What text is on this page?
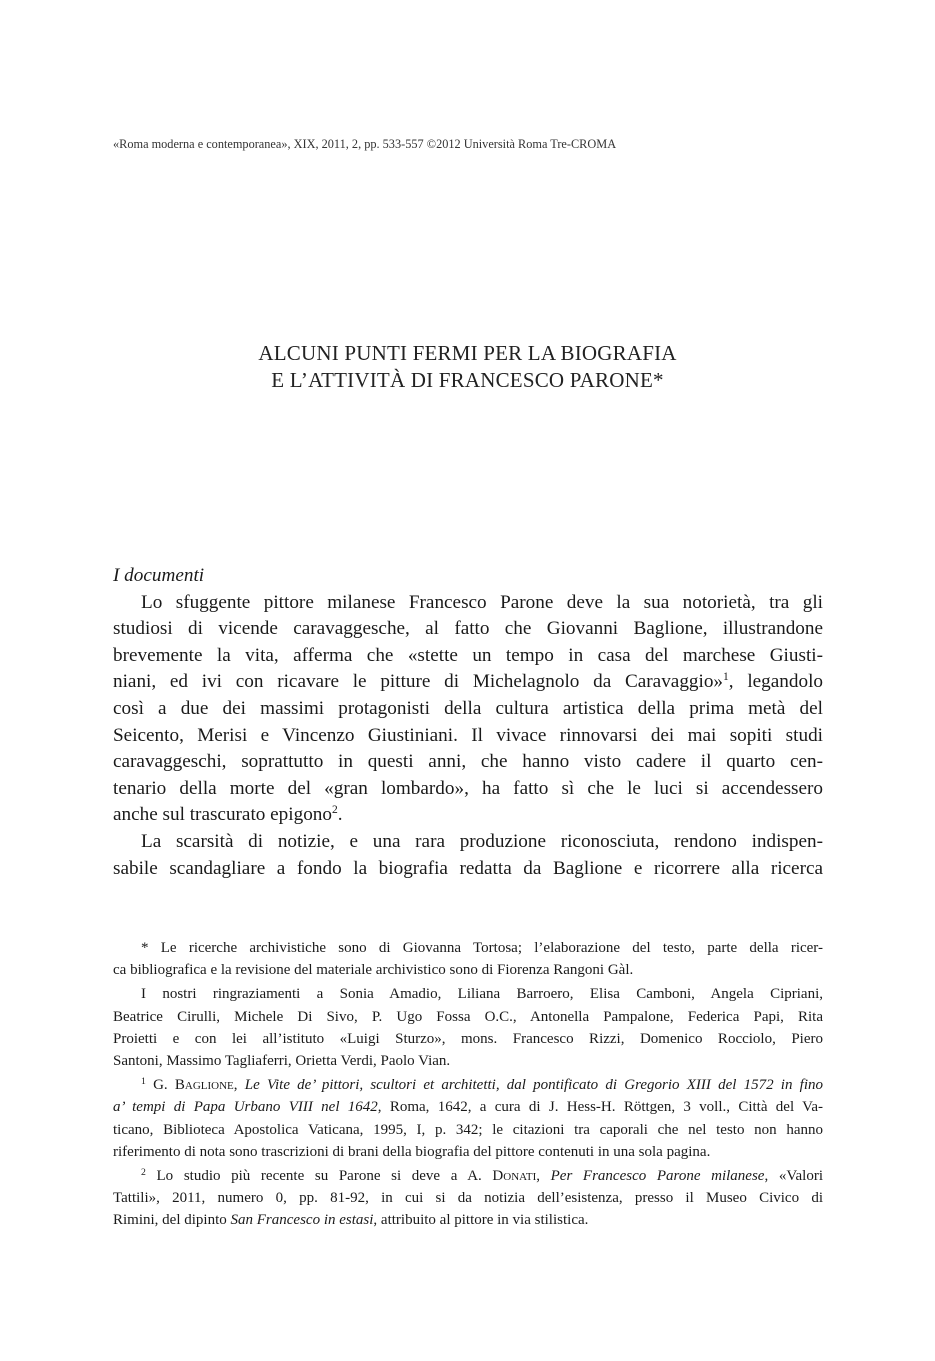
«Roma moderna e contemporanea», XIX, 2011, 2, pp. 533-557 ©2012 Università Roma Tre-CROMA
ALCUNI PUNTI FERMI PER LA BIOGRAFIA
E L’ATTIVITÀ DI FRANCESCO PARONE*
I documenti
Lo sfuggente pittore milanese Francesco Parone deve la sua notorietà, tra gli
studiosi di vicende caravaggesche, al fatto che Giovanni Baglione, illustrandone
brevemente la vita, afferma che «stette un tempo in casa del marchese Giusti-
niani, ed ivi con ricavare le pitture di Michelagnolo da Caravaggio»$^1$, legandolo
così a due dei massimi protagonisti della cultura artistica della prima metà del
Seicento, Merisi e Vincenzo Giustiniani. Il vivace rinnovarsi dei mai sopiti studi
caravaggeschi, soprattutto in questi anni, che hanno visto cadere il quarto cen-
tenario della morte del «gran lombardo», ha fatto sì che le luci si accendessero
anche sul trascurato epigono$^2$.
La scarsità di notizie, e una rara produzione riconosciuta, rendono indispen-
sabile scandagliare a fondo la biografia redatta da Baglione e ricorrere alla ricerca
* Le ricerche archivistiche sono di Giovanna Tortosa; l’elaborazione del testo, parte della ricer-
ca bibliografica e la revisione del materiale archivistico sono di Fiorenza Rangoni Gàl.
I nostri ringraziamenti a Sonia Amadio, Liliana Barroero, Elisa Camboni, Angela Cipriani,
Beatrice Cirulli, Michele Di Sivo, P. Ugo Fossa O.C., Antonella Pampalone, Federica Papi, Rita
Proietti e con lei all’istituto «Luigi Sturzo», mons. Francesco Rizzi, Domenico Rocciolo, Piero
Santoni, Massimo Tagliaferri, Orietta Verdi, Paolo Vian.
$^1$ G. Baglione, Le Vite de’ pittori, scultori et architetti, dal pontificato di Gregorio XIII del 1572 in fino
a’ tempi di Papa Urbano VIII nel 1642, Roma, 1642, a cura di J. Hess-H. Röttgen, 3 voll., Città del Va-
ticano, Biblioteca Apostolica Vaticana, 1995, I, p. 342; le citazioni tra caporali che nel testo non hanno
riferimento di nota sono trascrizioni di brani della biografia del pittore contenuti in una sola pagina.
$^2$ Lo studio più recente su Parone si deve a A. Donati, Per Francesco Parone milanese, «Valori
Tattili», 2011, numero 0, pp. 81-92, in cui si da notizia dell’esistenza, presso il Museo Civico di
Rimini, del dipinto San Francesco in estasi, attribuito al pittore in via stilistica.
